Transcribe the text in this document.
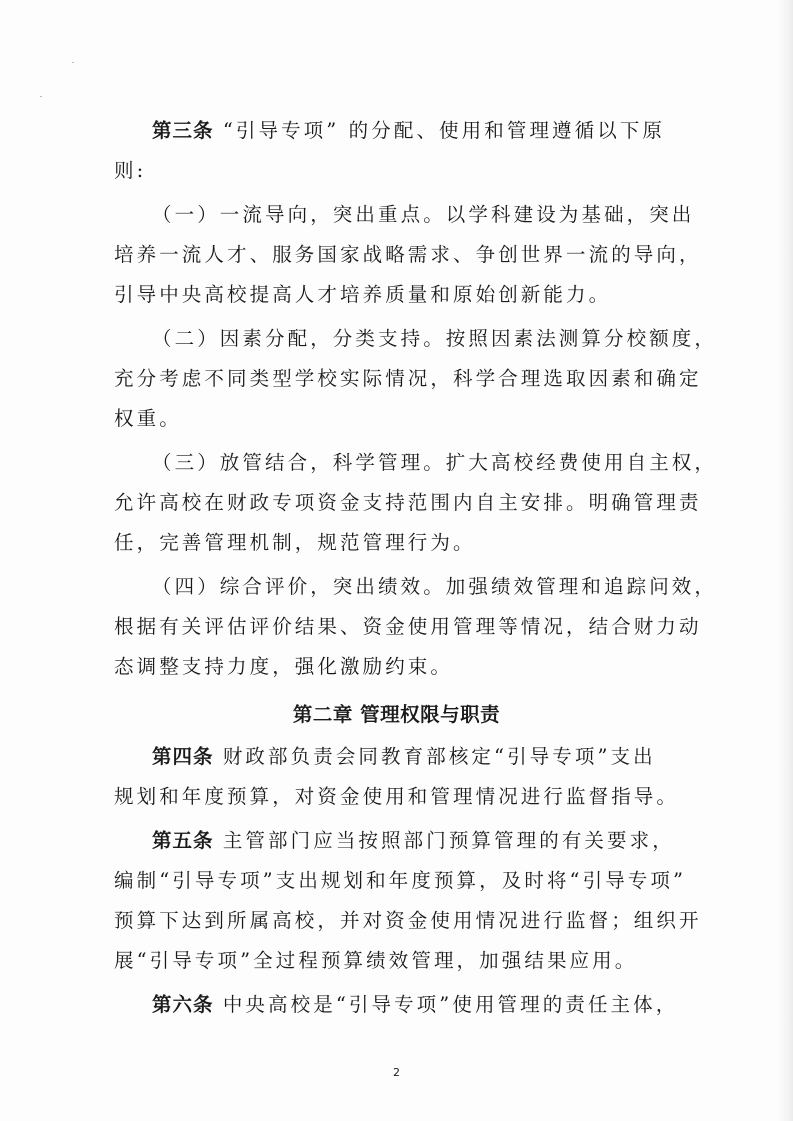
第三条 “引导专项” 的分配、使用和管理遵循以下原
则:
（一）一流导向，突出重点。以学科建设为基础，突出
培养一流人才、服务国家战略需求、争创世界一流的导向，
引导中央高校提高人才培养质量和原始创新能力。
（二）因素分配，分类支持。按照因素法测算分校额度，
充分考虑不同类型学校实际情况，科学合理选取因素和确定
权重。
（三）放管结合，科学管理。扩大高校经费使用自主权，
允许高校在财政专项资金支持范围内自主安排。明确管理责
任，完善管理机制，规范管理行为。
（四）综合评价，突出绩效。加强绩效管理和追踪问效，
根据有关评估评价结果、资金使用管理等情况，结合财力动
态调整支持力度，强化激励约束。
第二章 管理权限与职责
第四条 财政部负责会同教育部核定“引导专项”支出
规划和年度预算，对资金使用和管理情况进行监督指导。
第五条 主管部门应当按照部门预算管理的有关要求，
编制“引导专项”支出规划和年度预算，及时将“引导专项”
预算下达到所属高校，并对资金使用情况进行监督；组织开
展“引导专项”全过程预算绩效管理，加强结果应用。
第六条 中央高校是“引导专项”使用管理的责任主体，
2
